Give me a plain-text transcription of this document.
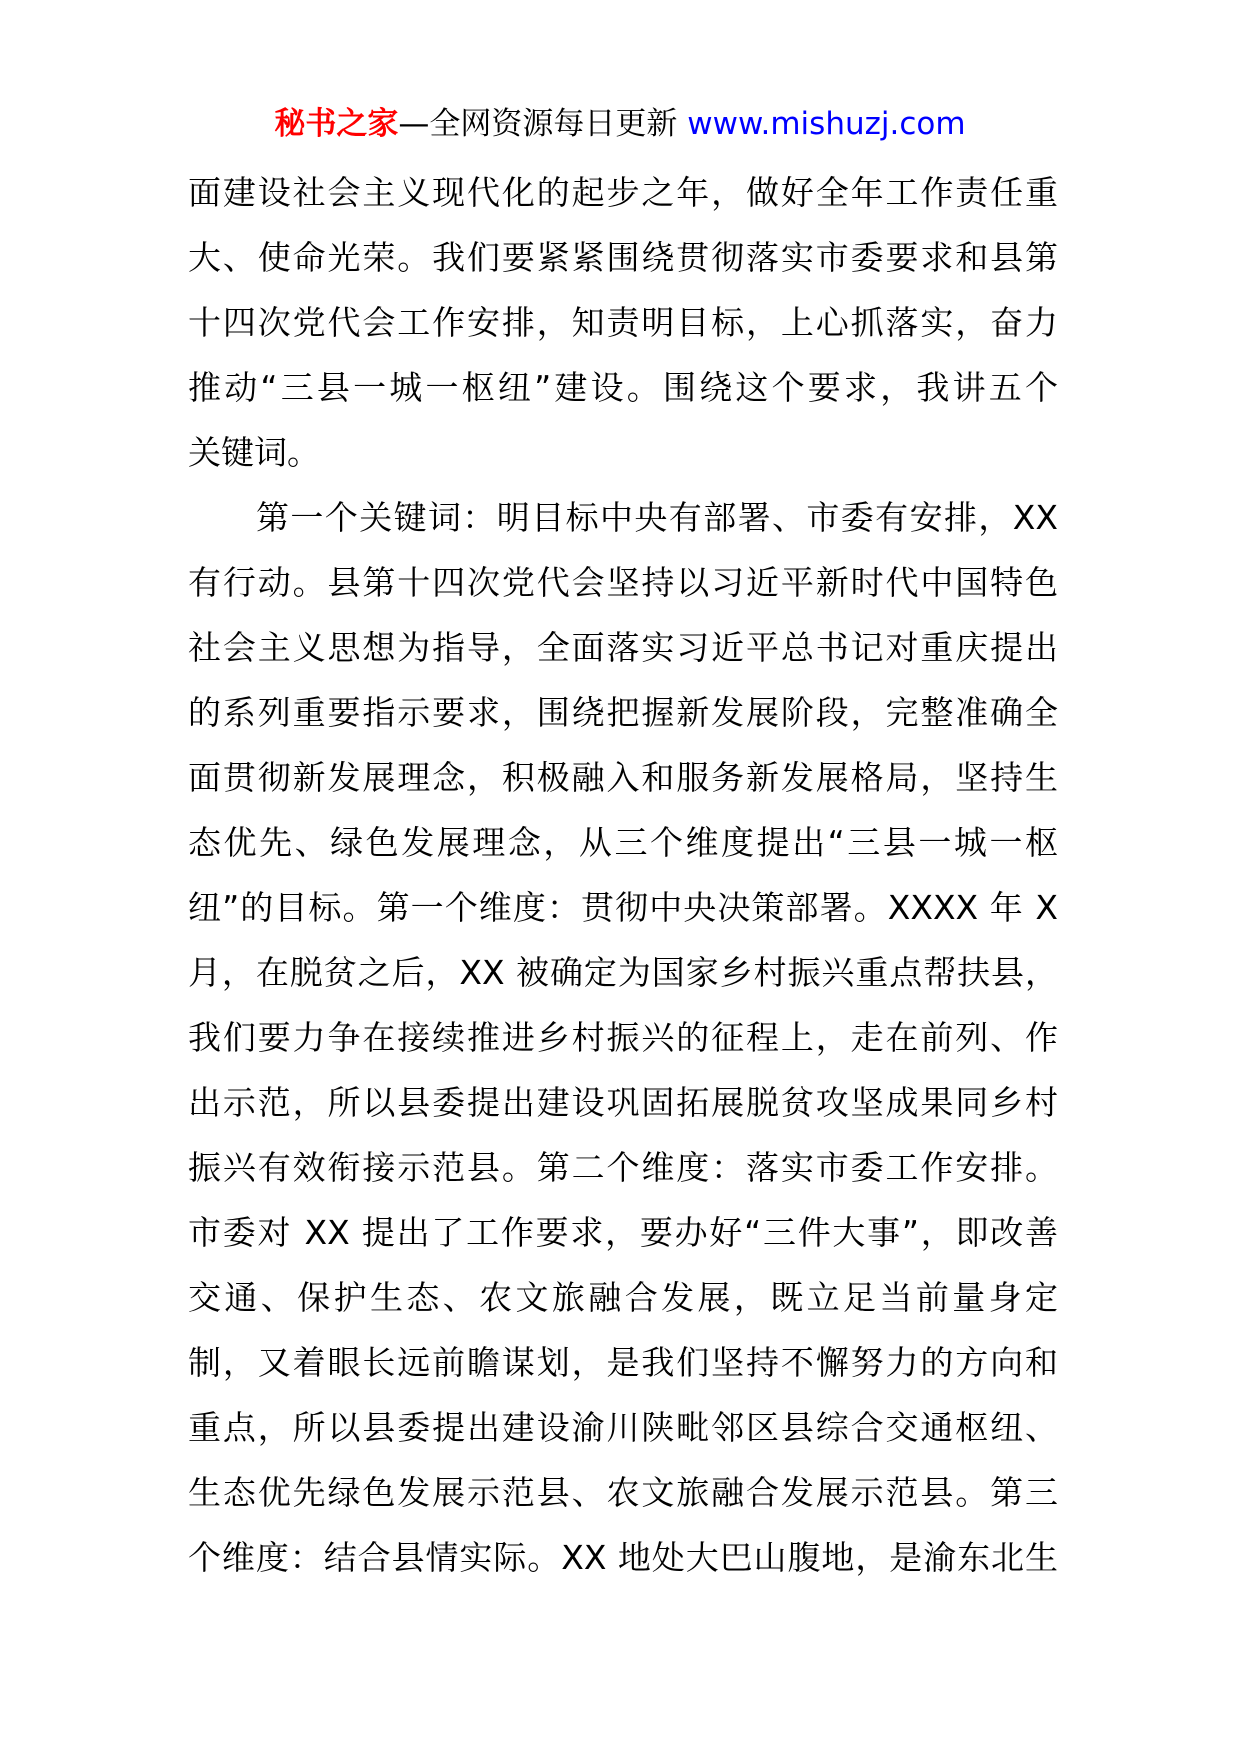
秘书之家—全网资源每日更新 www.mishuzj.com
面建设社会主义现代化的起步之年，做好全年工作责任重
大、使命光荣。我们要紧紧围绕贯彻落实市委要求和县第
十四次党代会工作安排，知责明目标，上心抓落实，奋力
推动“三县一城一枢纽”建设。围绕这个要求，我讲五个
关键词。
第一个关键词：明目标中央有部署、市委有安排，XX
有行动。县第十四次党代会坚持以习近平新时代中国特色
社会主义思想为指导，全面落实习近平总书记对重庆提出
的系列重要指示要求，围绕把握新发展阶段，完整准确全
面贯彻新发展理念，积极融入和服务新发展格局，坚持生
态优先、绿色发展理念，从三个维度提出“三县一城一枢
纽”的目标。第一个维度：贯彻中央决策部署。XXXX 年 X
月，在脱贫之后，XX 被确定为国家乡村振兴重点帮扶县，
我们要力争在接续推进乡村振兴的征程上，走在前列、作
出示范，所以县委提出建设巩固拓展脱贫攻坚成果同乡村
振兴有效衔接示范县。第二个维度：落实市委工作安排。
市委对 XX 提出了工作要求，要办好“三件大事”，即改善
交通、保护生态、农文旅融合发展，既立足当前量身定
制，又着眼长远前瞻谋划，是我们坚持不懈努力的方向和
重点，所以县委提出建设渝川陕毗邻区县综合交通枢纽、
生态优先绿色发展示范县、农文旅融合发展示范县。第三
个维度：结合县情实际。XX 地处大巴山腹地，是渝东北生
